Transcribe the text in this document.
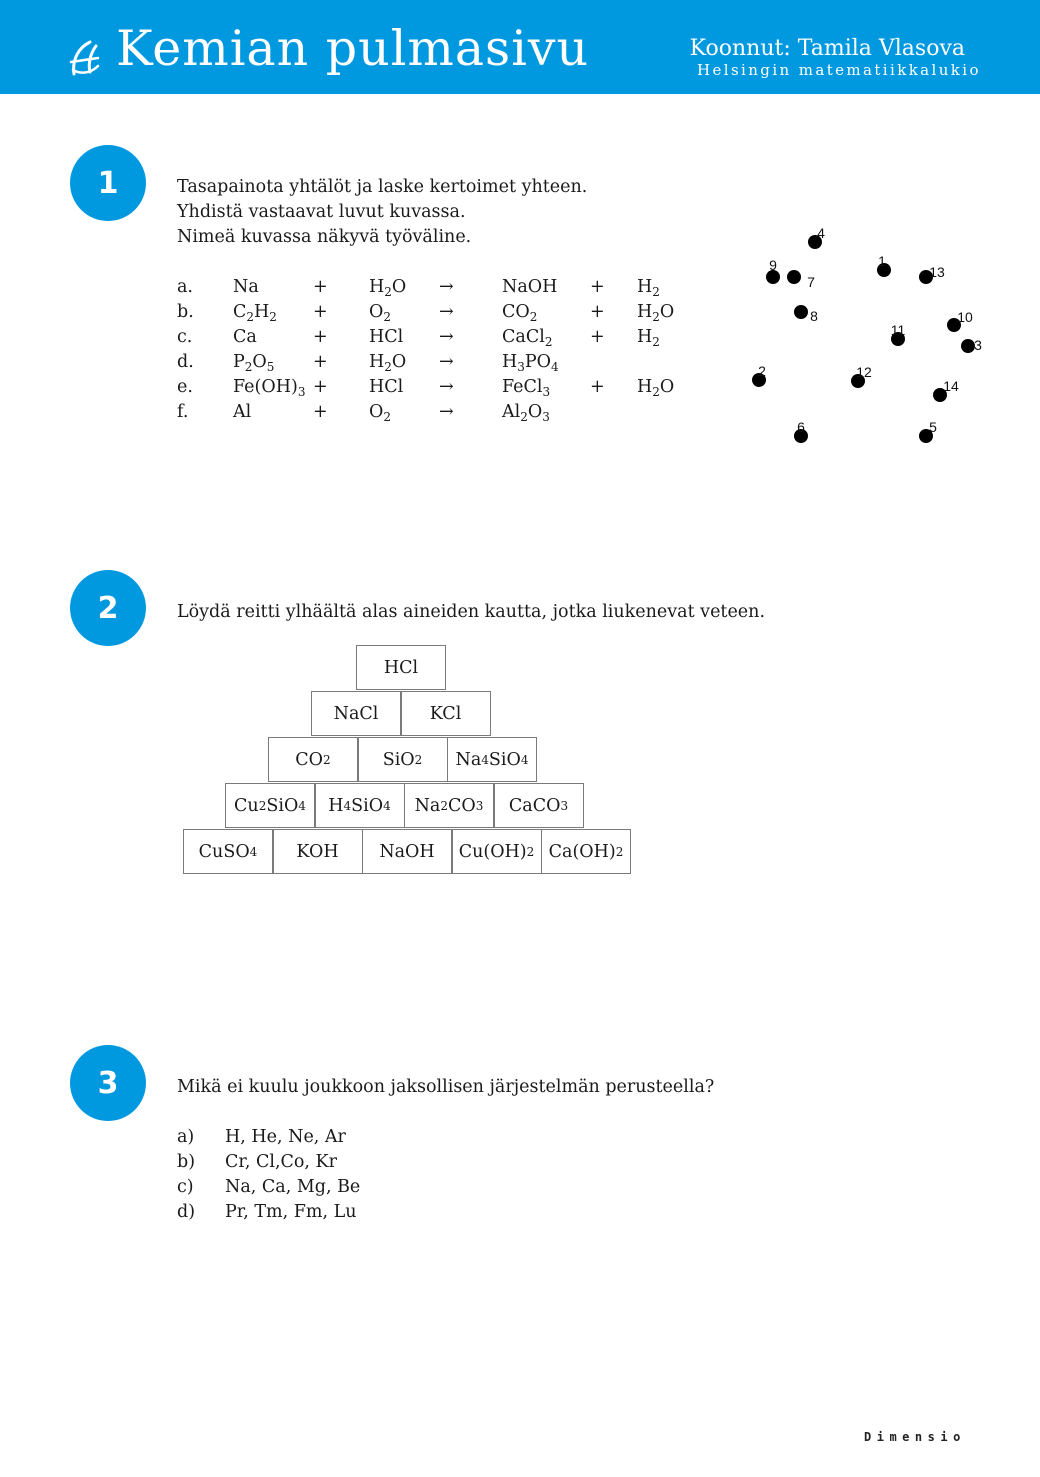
Kemian pulmasivu	Koonnut: Tamila Vlasova
Helsingin matematiikkalukio
1	Tasapainota yhtälöt ja laske kertoimet yhteen.
Yhdistä vastaavat luvut kuvassa.
Nimeä kuvassa näkyvä työväline.
a. Na	+ $H_2O$ →	NaOH + $H_2$
b. $C_2H_2 + O_2$	→	$CO_2$	+ $H_2O$
c. Ca	+ HCl →	CaCl$_2$ + $H_2$
d. $P_2O_5 + H_2O$ →	$H_3PO_4$
e. $Fe(OH)_3$ + HCl →	FeCl$_3$ + $H_2O$
f.	Al	+ $O_2$	→	$Al_2O_3$
1
2
3
4
5
6
7
8
9
10
11
12
13
14
2	Löydä reitti ylhäältä alas aineiden kautta, jotka liukenevat veteen.
HCl
NaCl	KCl
CO 2	SiO 2	Na 4 SiO 4
Cu 2 SiO 4	H 4 SiO 4	Na 2 CO 3	CaCO 3
CuSO 4	KOH	NaOH	Cu(OH) 2 Ca(OH) 2
3	Mikä ei kuulu joukkoon jaksollisen järjestelmän perusteella?
a) H, He, Ne, Ar
b) Cr, Cl,Co, Kr
c) Na, Ca, Mg, Be
d) Pr, Tm, Fm, Lu
Dimensio
